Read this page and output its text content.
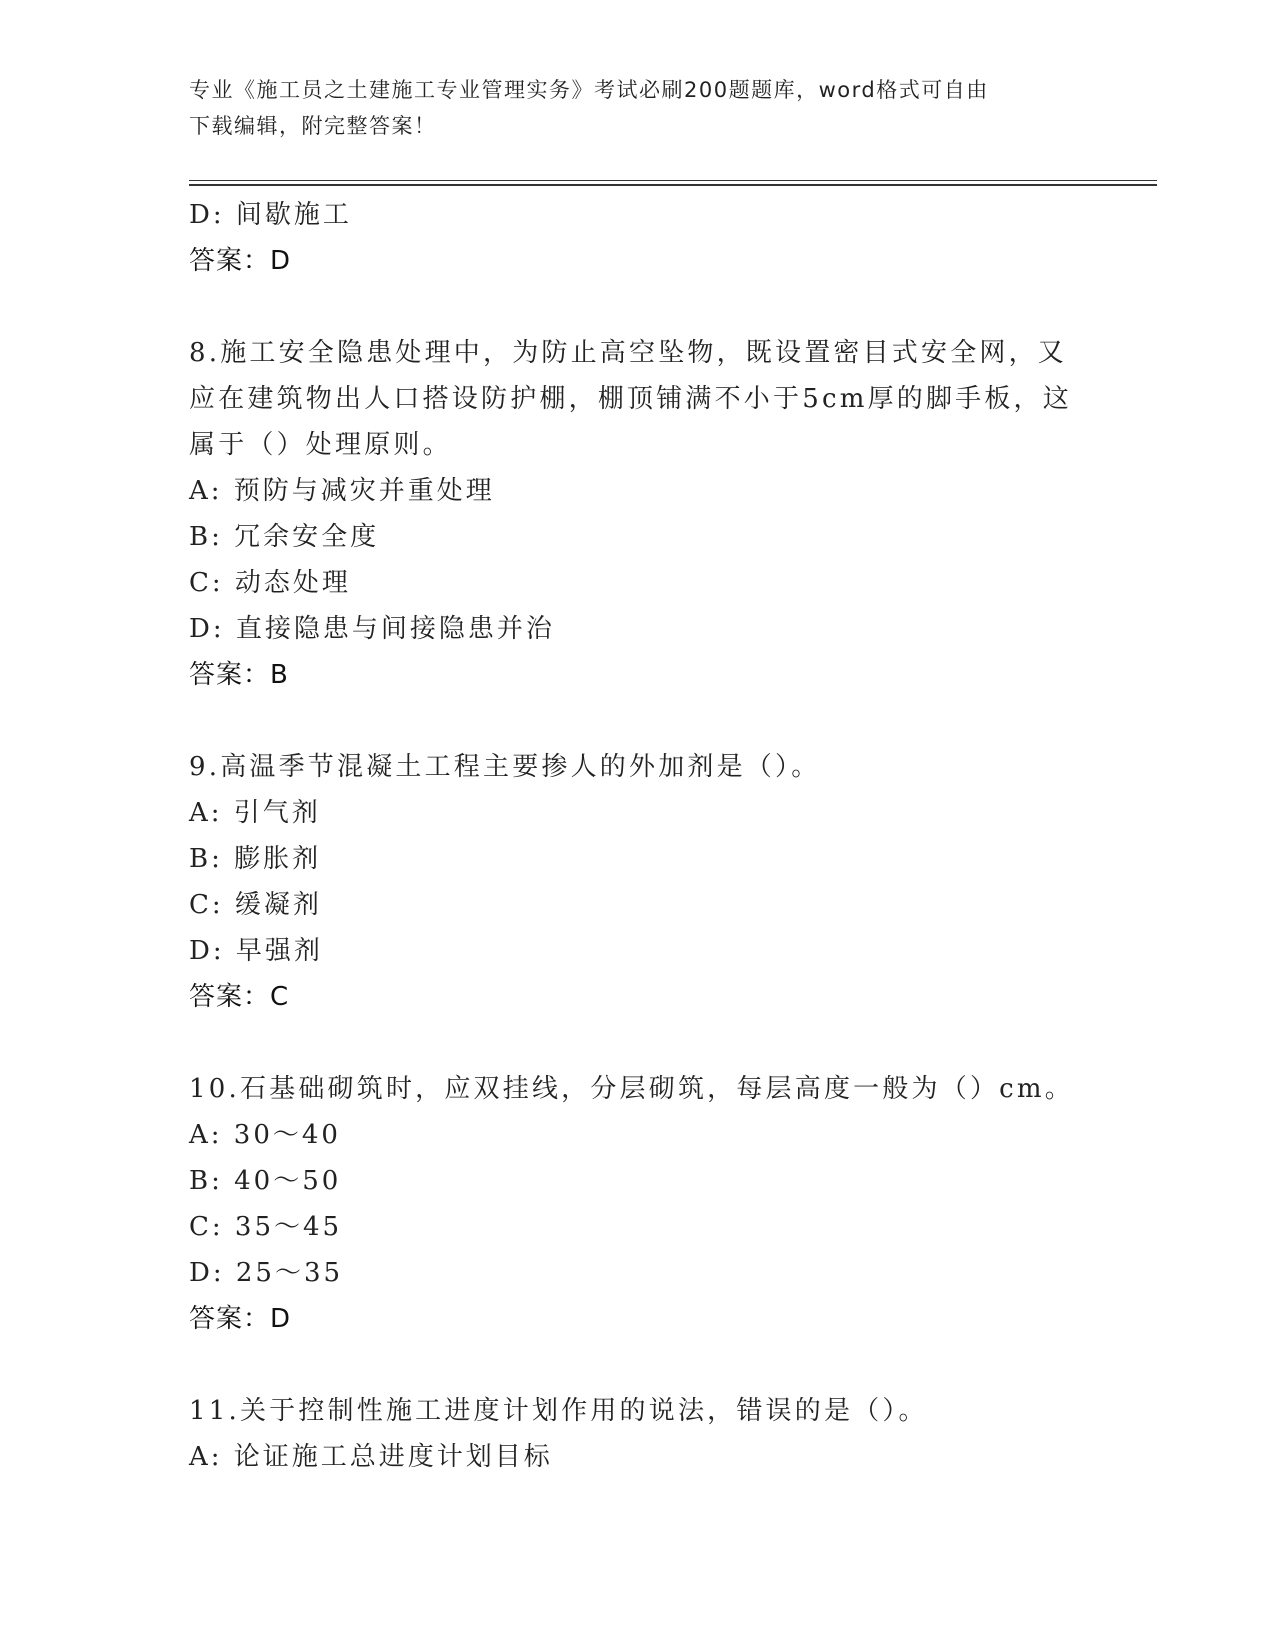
专业《施工员之土建施工专业管理实务》考试必刷200题题库，word格式可自由
下载编辑，附完整答案！
D: 间歇施工
答案：D
8.施工安全隐患处理中，为防止高空坠物，既设置密目式安全网，又
应在建筑物出人口搭设防护棚，棚顶铺满不小于5cm厚的脚手板，这
属于（）处理原则。
A: 预防与减灾并重处理
B: 冗余安全度
C: 动态处理
D: 直接隐患与间接隐患并治
答案：B
9.高温季节混凝土工程主要掺人的外加剂是（）。
A: 引气剂
B: 膨胀剂
C: 缓凝剂
D: 早强剂
答案：C
10.石基础砌筑时，应双挂线，分层砌筑，每层高度一般为（）cm。
A: 30～40
B: 40～50
C: 35～45
D: 25～35
答案：D
11.关于控制性施工进度计划作用的说法，错误的是（）。
A: 论证施工总进度计划目标
